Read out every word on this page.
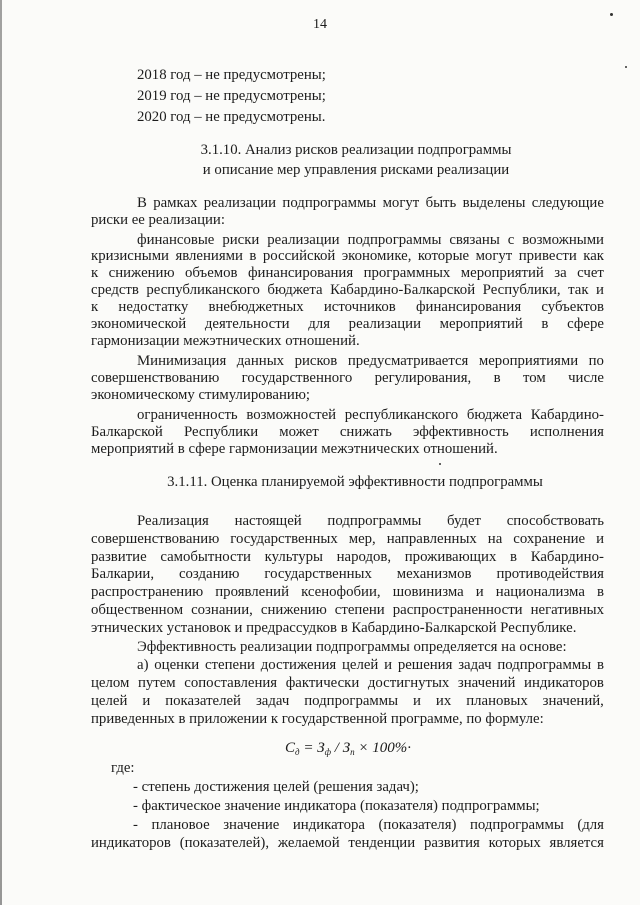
14
2018 год – не предусмотрены;
2019 год – не предусмотрены;
2020 год – не предусмотрены.
3.1.10. Анализ рисков реализации подпрограммы
и описание мер управления рисками реализации
В рамках реализации подпрограммы могут быть выделены следующие
риски ее реализации:
финансовые риски реализации подпрограммы связаны с возможными
кризисными явлениями в российской экономике, которые могут привести как
к снижению объемов финансирования программных мероприятий за счет
средств республиканского бюджета Кабардино-Балкарской Республики, так и
к недостатку внебюджетных источников финансирования субъектов
экономической деятельности для реализации мероприятий в сфере
гармонизации межэтнических отношений.
Минимизация данных рисков предусматривается мероприятиями по
совершенствованию государственного регулирования, в том числе
экономическому стимулированию;
ограниченность возможностей республиканского бюджета Кабардино-
Балкарской Республики может снижать эффективность исполнения
мероприятий в сфере гармонизации межэтнических отношений.
3.1.11. Оценка планируемой эффективности подпрограммы
Реализация настоящей подпрограммы будет способствовать
совершенствованию государственных мер, направленных на сохранение и
развитие самобытности культуры народов, проживающих в Кабардино-
Балкарии, созданию государственных механизмов противодействия
распространению проявлений ксенофобии, шовинизма и национализма в
общественном сознании, снижению степени распространенности негативных
этнических установок и предрассудков в Кабардино-Балкарской Республике.
Эффективность реализации подпрограммы определяется на основе:
а) оценки степени достижения целей и решения задач подпрограммы в
целом путем сопоставления фактически достигнутых значений индикаторов
целей и показателей задач подпрограммы и их плановых значений,
приведенных в приложении к государственной программе, по формуле:
$С_д = З_ф / З_п \times 100\%\cdot$
где:
- степень достижения целей (решения задач);
- фактическое значение индикатора (показателя) подпрограммы;
- плановое значение индикатора (показателя) подпрограммы (для
индикаторов (показателей), желаемой тенденции развития которых является
